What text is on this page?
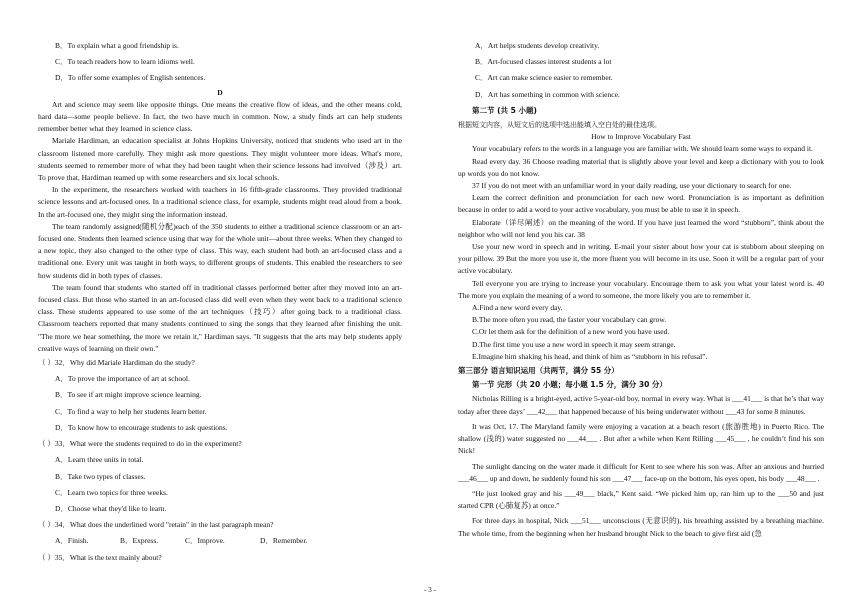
B．To explain what a good friendship is.
C．To teach readers how to learn idioms well.
D．To offer some examples of English sentences.
D
Art and science may seem like opposite things. One means the creative flow of ideas, and the other means cold, hard data—some people believe. In fact, the two have much in common. Now, a study finds art can help students remember better what they learned in science class.
Mariale Hardiman, an education specialist at Johns Hopkins University, noticed that students who used art in the classroom listened more carefully. They might ask more questions. They might volunteer more ideas. What's more, students seemed to remember more of what they had been taught when their science lessons had involved（涉及）art. To prove that, Hardiman teamed up with some researchers and six local schools.
In the experiment, the researchers worked with teachers in 16 fifth-grade classrooms. They provided traditional science lessons and art-focused ones. In a traditional science class, for example, students might read aloud from a book. In the art-focused one, they might sing the information instead.
The team randomly assigned(随机分配)each of the 350 students to either a traditional science classroom or an art-focused one. Students then learned science using that way for the whole unit—about three weeks. When they changed to a new topic, they also changed to the other type of class. This way, each student had both an art-focused class and a traditional one. Every unit was taught in both ways, to different groups of students. This enabled the researchers to see how students did in both types of classes.
The team found that students who started off in traditional classes performed better after they moved into an art-focused class. But those who started in an art-focused class did well even when they went back to a traditional science class. These students appeared to use some of the art techniques（技巧）after going back to a traditional class. Classroom teachers reported that many students continued to sing the songs that they learned after finishing the unit. "The more we hear something, the more we retain it," Hardiman says. "It suggests that the arts may help students apply creative ways of learning on their own."
（ ）32．Why did Mariale Hardiman do the study?
A．To prove the importance of art at school.
B．To see if art might improve science learning.
C．To find a way to help her students learn better.
D．To know how to encourage students to ask questions.
（ ）33．What were the students required to do in the experiment?
A．Learn three units in total.
B．Take two types of classes.
C．Learn two topics for three weeks.
D．Choose what they'd like to learn.
（ ）34．What does the underlined word "retain" in the last paragraph mean?
A．Finish.	B．Express.	C．Improve.	D．Remember.
（ ）35．What is the text mainly about?
A．Art helps students develop creativity.
B．Art-focused classes interest students a lot
C．Art can make science easier to remember.
D．Art has something in common with science.
第二节 (共 5 小题)
根据短文内容，从短文后的选项中选出能填入空白处的最佳选项。
How to Improve Vocabulary Fast
Your vocabulary refers to the words in a language you are familiar with. We should learn some ways to expand it.
Read every day. 36 Choose reading material that is slightly above your level and keep a dictionary with you to look up words you do not know.
37 If you do not meet with an unfamiliar word in your daily reading, use your dictionary to search for one.
Learn the correct definition and pronunciation for each new word. Pronunciation is as important as definition because in order to add a word to your active vocabulary, you must be able to use it in speech.
Elaborate（详尽阐述）on the meaning of the word. If you have just learned the word “stubborn”, think about the neighbor who will not lend you his car. 38
Use your new word in speech and in writing. E-mail your sister about how your cat is stubborn about sleeping on your pillow. 39 But the more you use it, the more fluent you will become in its use. Soon it will be a regular part of your active vocabulary.
Tell everyone you are trying to increase your vocabulary. Encourage them to ask you what your latest word is. 40 The more you explain the meaning of a word to someone, the more likely you are to remember it.
A.Find a new word every day.
B.The more often you read, the faster your vocabulary can grow.
C.Or let them ask for the definition of a new word you have used.
D.The first time you use a new word in speech it may seem strange.
E.Imagine him shaking his head, and think of him as “stubborn in his refusal”.
第三部分 语言知识运用（共两节，满分 55 分）
第一节 完形（共 20 小题；每小题 1.5 分，满分 30 分）
Nicholas Rilling is a bright-eyed, active 5-year-old boy, normal in every way. What is ___41___ is that he’s that way today after three days’ ___42___ that happened because of his being underwater without ___43 for some 8 minutes.
It was Oct, 17. The Maryland family were enjoying a vacation at a beach resort (旅游胜地) in Puerto Rico. The shallow (浅的) water suggested no ___44___ . But after a while when Kent Rilling ___45___ , he couldn’t find his son Nick!
The sunlight dancing on the water made it difficult for Kent to see where his son was. After an anxious and hurried ___46___ up and down, he suddenly found his son ___47___ face-up on the bottom, his eyes open, his body ___48___ .
“He just looked gray and his ___49___ black,” Kent said. “We picked him up, ran him up to the ___50 and just started CPR (心肺复苏) at once.”
For three days in hospital, Nick ___51___ unconscious (无意识的), his breathing assisted by a breathing machine. The whole time, from the beginning when her husband brought Nick to the beach to give first aid (急
- 3 -
